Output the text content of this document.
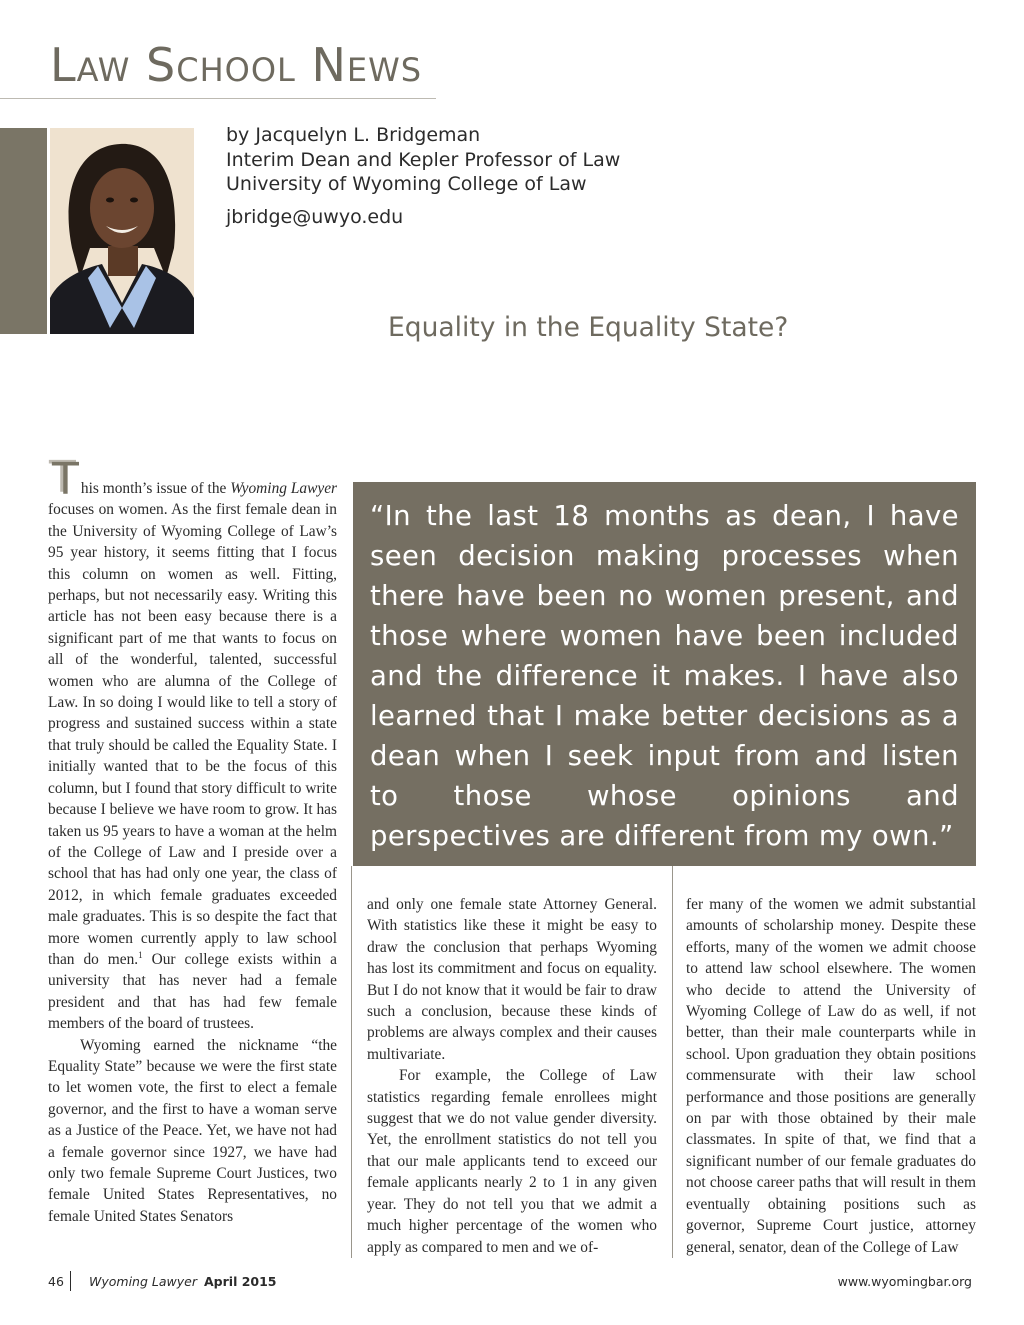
Law School News
by Jacquelyn L. Bridgeman
Interim Dean and Kepler Professor of Law
University of Wyoming College of Law
jbridge@uwyo.edu
Equality in the Equality State?

This month’s issue of the Wyoming Lawyer focuses on women. As the first female dean in the University of Wyoming College of Law’s 95 year history, it seems fitting that I focus this column on women as well. Fitting, perhaps, but not necessarily easy. Writing this article has not been easy because there is a significant part of me that wants to focus on all of the wonderful, talented, successful women who are alumna of the College of Law. In so doing I would like to tell a story of progress and sustained success within a state that truly should be called the Equality State. I initially wanted that to be the focus of this column, but I found that story difficult to write because I believe we have room to grow. It has taken us 95 years to have a woman at the helm of the College of Law and I preside over a school that has had only one year, the class of 2012, in which female graduates exceeded male graduates. This is so despite the fact that more women currently apply to law school than do men.$^1$ Our college exists within a university that has never had a female president and that has had few female members of the board of trustees.

Wyoming earned the nickname “the Equality State” because we were the first state to let women vote, the first to elect a female governor, and the first to have a woman serve as a Justice of the Peace. Yet, we have not had a female governor since 1927, we have had only two female Supreme Court Justices, two female United States Representatives, no female United States Senators

“In the last 18 months as dean, I have seen decision making processes when there have been no women present, and those where women have been included and the difference it makes. I have also learned that I make better decisions as a dean when I seek input from and listen to those whose opinions and perspectives are different from my own.”

and only one female state Attorney General. With statistics like these it might be easy to draw the conclusion that perhaps Wyoming has lost its commitment and focus on equality. But I do not know that it would be fair to draw such a conclusion, because these kinds of problems are always complex and their causes multivariate.

For example, the College of Law statistics regarding female enrollees might suggest that we do not value gender diversity. Yet, the enrollment statistics do not tell you that our male applicants tend to exceed our female applicants nearly 2 to 1 in any given year. They do not tell you that we admit a much higher percentage of the women who apply as compared to men and we of-

fer many of the women we admit substantial amounts of scholarship money. Despite these efforts, many of the women we admit choose to attend law school elsewhere. The women who decide to attend the University of Wyoming College of Law do as well, if not better, than their male counterparts while in school. Upon graduation they obtain positions commensurate with their law school performance and those positions are generally on par with those obtained by their male classmates. In spite of that, we find that a significant number of our female graduates do not choose career paths that will result in them eventually obtaining positions such as governor, Supreme Court justice, attorney general, senator, dean of the College of Law

46 Wyoming Lawyer April 2015	www.wyomingbar.org
